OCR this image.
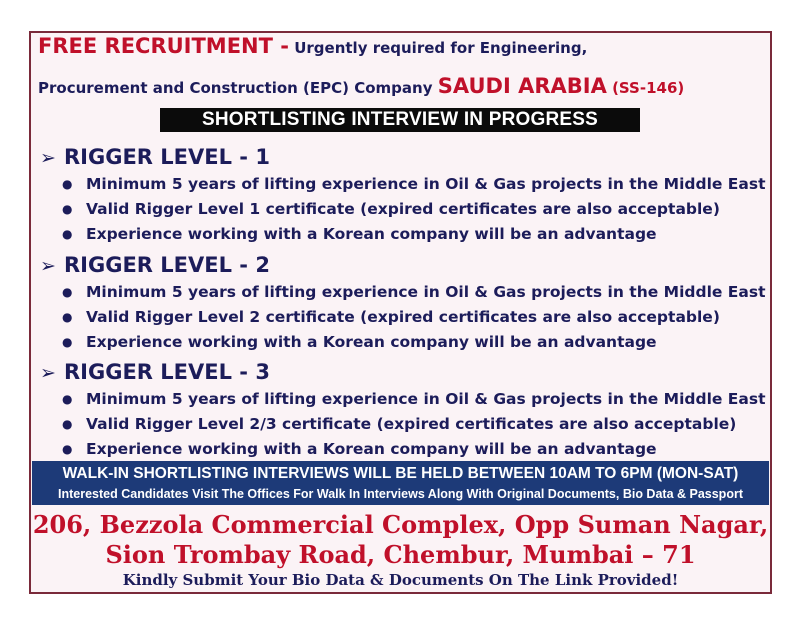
FREE RECRUITMENT - Urgently required for Engineering,
Procurement and Construction (EPC) Company SAUDI ARABIA (SS-146)
SHORTLISTING INTERVIEW IN PROGRESS
➢ RIGGER LEVEL - 1
● Minimum 5 years of lifting experience in Oil & Gas projects in the Middle East
● Valid Rigger Level 1 certificate (expired certificates are also acceptable)
● Experience working with a Korean company will be an advantage
➢ RIGGER LEVEL - 2
● Minimum 5 years of lifting experience in Oil & Gas projects in the Middle East
● Valid Rigger Level 2 certificate (expired certificates are also acceptable)
● Experience working with a Korean company will be an advantage
➢ RIGGER LEVEL - 3
● Minimum 5 years of lifting experience in Oil & Gas projects in the Middle East
● Valid Rigger Level 2/3 certificate (expired certificates are also acceptable)
● Experience working with a Korean company will be an advantage
WALK-IN SHORTLISTING INTERVIEWS WILL BE HELD BETWEEN 10AM TO 6PM (MON-SAT)
Interested Candidates Visit The Offices For Walk In Interviews Along With Original Documents, Bio Data & Passport
206, Bezzola Commercial Complex, Opp Suman Nagar,
Sion Trombay Road, Chembur, Mumbai – 71
Kindly Submit Your Bio Data & Documents On The Link Provided!
